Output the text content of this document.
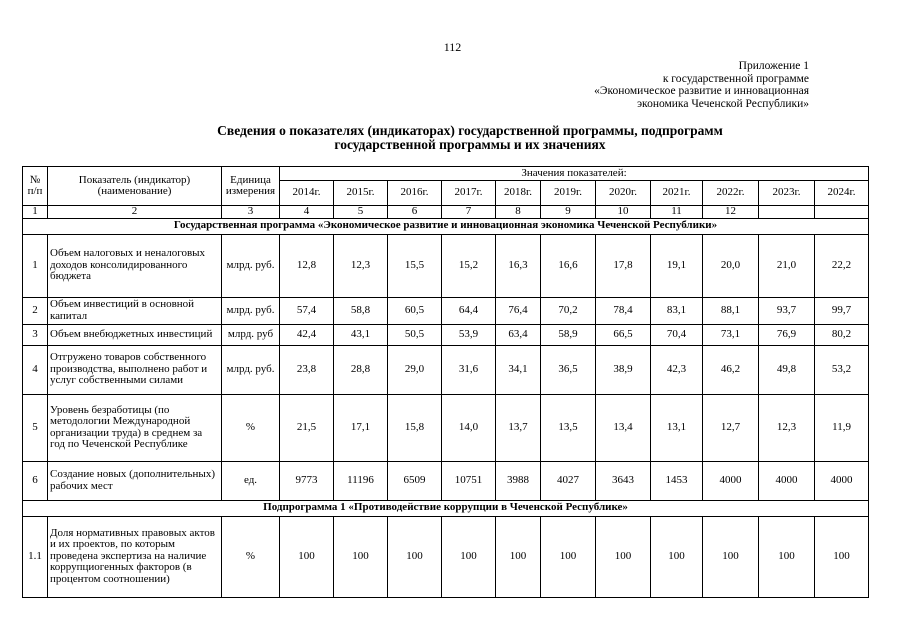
112
Приложение 1
к государственной программе
«Экономическое развитие и инновационная
экономика Чеченской Республики»
Сведения о показателях (индикаторах) государственной программы, подпрограмм
государственной программы и их значениях
№ п/п	Показатель (индикатор) (наименование)	Единица измерения	Значения показателей:										
			2014г.	2015г.	2016г.	2017г.	2018г.	2019г.	2020г.	2021г.	2022г.	2023г.	2024г.
1	2	3	4	5	6	7	8	9	10	11	12		
Государственная программа «Экономическое развитие и инновационная экономика Чеченской Республики»													
1	Объем налоговых и неналоговых доходов консолидированного бюджета	млрд. руб.	12,8	12,3	15,5	15,2	16,3	16,6	17,8	19,1	20,0	21,0	22,2
2	Объем инвестиций в основной капитал	млрд. руб.	57,4	58,8	60,5	64,4	76,4	70,2	78,4	83,1	88,1	93,7	99,7
3	Объем внебюджетных инвестиций	млрд. руб	42,4	43,1	50,5	53,9	63,4	58,9	66,5	70,4	73,1	76,9	80,2
4	Отгружено товаров собственного производства, выполнено работ и услуг собственными силами	млрд. руб.	23,8	28,8	29,0	31,6	34,1	36,5	38,9	42,3	46,2	49,8	53,2
5	Уровень безработицы (по методологии Международной организации труда) в среднем за год по Чеченской Республике	%	21,5	17,1	15,8	14,0	13,7	13,5	13,4	13,1	12,7	12,3	11,9
6	Создание новых (дополнительных) рабочих мест	ед.	9773	11196	6509	10751	3988	4027	3643	1453	4000	4000	4000
Подпрограмма 1 «Противодействие коррупции в Чеченской Республике»													
1.1	Доля нормативных правовых актов и их проектов, по которым проведена экспертиза на наличие коррупциогенных факторов (в процентом соотношении)	%	100	100	100	100	100	100	100	100	100	100	100
